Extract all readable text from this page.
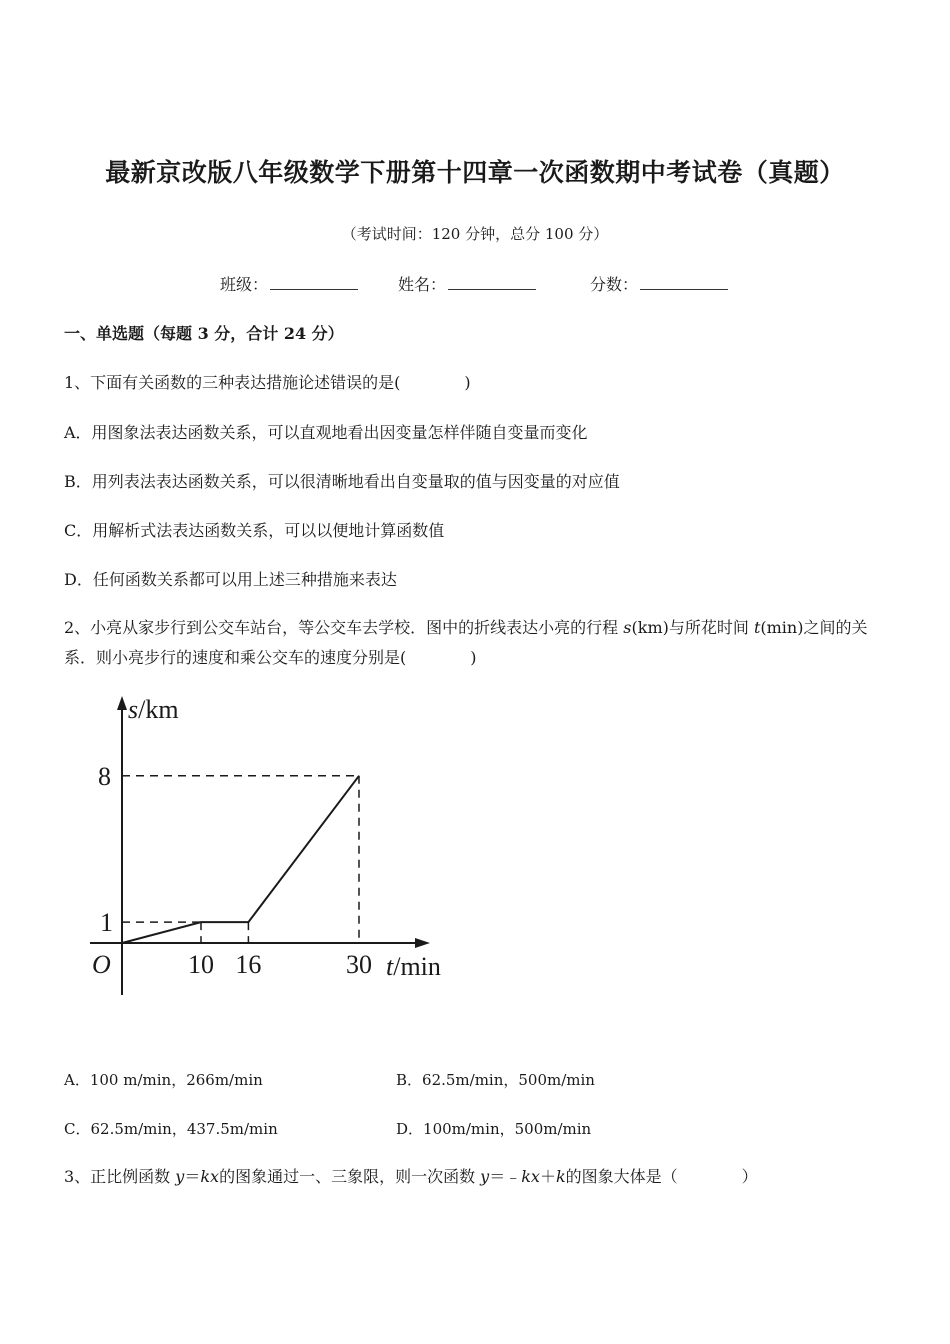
最新京改版八年级数学下册第十四章一次函数期中考试卷（真题）
（考试时间：120 分钟，总分 100 分）
班级：	姓名：	分数：
一、单选题（每题 3 分，合计 24 分）
1、下面有关函数的三种表达措施论述错误的是(　　　　)
A．用图象法表达函数关系，可以直观地看出因变量怎样伴随自变量而变化
B．用列表法表达函数关系，可以很清晰地看出自变量取的值与因变量的对应值
C．用解析式法表达函数关系，可以以便地计算函数值
D．任何函数关系都可以用上述三种措施来表达
2、小亮从家步行到公交车站台，等公交车去学校．图中的折线表达小亮的行程 s(km)与所花时间 t(min)之间的关系．则小亮步行的速度和乘公交车的速度分别是(　　　　)
s/km
8
1
O	10 16	30 t/min
A．100 m/min，266m/min	B．62.5m/min，500m/min
C．62.5m/min，437.5m/min	D．100m/min，500m/min
3、正比例函数 y＝kx的图象通过一、三象限，则一次函数 y＝﹣kx＋k的图象大体是（　　　　）
